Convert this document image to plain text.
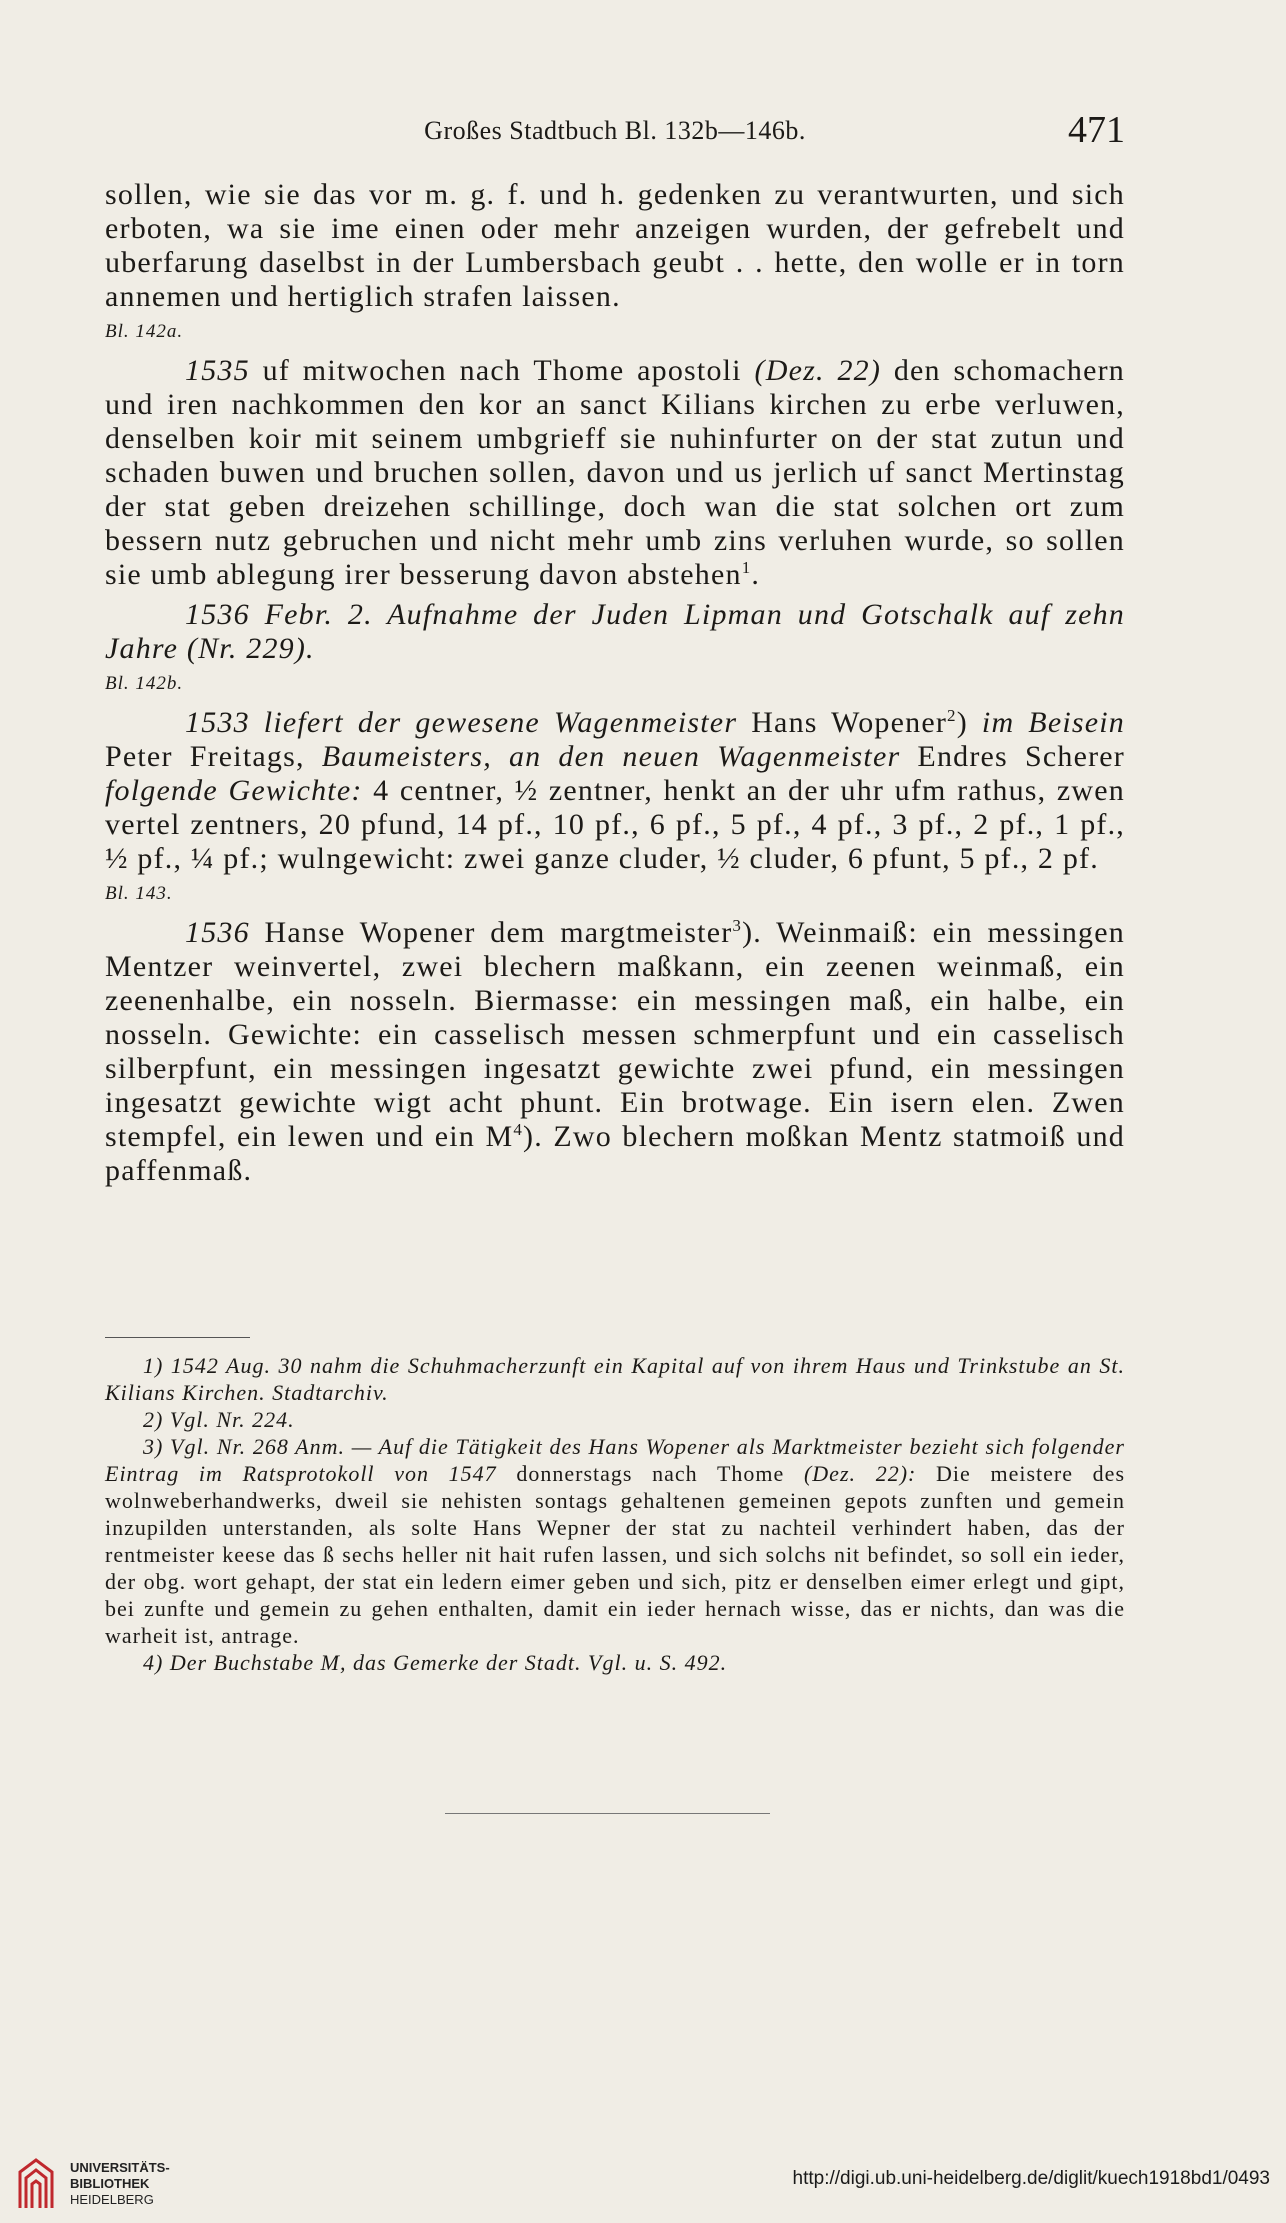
Großes Stadtbuch Bl. 132b—146b.	471

sollen, wie sie das vor m. g. f. und h. gedenken zu verantwurten, und sich erboten, wa sie ime einen oder mehr anzeigen wurden, der gefrebelt und uberfarung daselbst in der Lumbersbach geubt . . hette, den wolle er in torn annemen und hertiglich strafen laissen.

Bl. 142a.

1535 uf mitwochen nach Thome apostoli (Dez. 22) den schomachern und iren nachkommen den kor an sanct Kilians kirchen zu erbe verluwen, denselben koir mit seinem umbgrieff sie nuhinfurter on der stat zutun und schaden buwen und bruchen sollen, davon und us jerlich uf sanct Mertinstag der stat geben dreizehen schillinge, doch wan die stat solchen ort zum bessern nutz gebruchen und nicht mehr umb zins verluhen wurde, so sollen sie umb ablegung irer besserung davon abstehen$^1$.

1536 Febr. 2. Aufnahme der Juden Lipman und Gotschalk auf zehn Jahre (Nr. 229).

Bl. 142b.

1533 liefert der gewesene Wagenmeister Hans Wopener$^2$) im Beisein Peter Freitags, Baumeisters, an den neuen Wagenmeister Endres Scherer folgende Gewichte: 4 centner, ½ zentner, henkt an der uhr ufm rathus, zwen vertel zentners, 20 pfund, 14 pf., 10 pf., 6 pf., 5 pf., 4 pf., 3 pf., 2 pf., 1 pf., ½ pf., ¼ pf.; wulngewicht: zwei ganze cluder, ½ cluder, 6 pfunt, 5 pf., 2 pf.

Bl. 143.

1536 Hanse Wopener dem margtmeister$^3$). Weinmaiß: ein messingen Mentzer weinvertel, zwei blechern maßkann, ein zeenen weinmaß, ein zeenenhalbe, ein nosseln. Biermasse: ein messingen maß, ein halbe, ein nosseln. Gewichte: ein casselisch messen schmerpfunt und ein casselisch silberpfunt, ein messingen ingesatzt gewichte zwei pfund, ein messingen ingesatzt gewichte wigt acht phunt. Ein brotwage. Ein isern elen. Zwen stempfel, ein lewen und ein $M^4$). Zwo blechern moßkan Mentz statmoiß und paffenmaß.

1) 1542 Aug. 30 nahm die Schuhmacherzunft ein Kapital auf von ihrem Haus und Trinkstube an St. Kilians Kirchen. Stadtarchiv.

2) Vgl. Nr. 224.

3) Vgl. Nr. 268 Anm. — Auf die Tätigkeit des Hans Wopener als Marktmeister bezieht sich folgender Eintrag im Ratsprotokoll von 1547 donnerstags nach Thome (Dez. 22): Die meistere des wolnweberhandwerks, dweil sie nehisten sontags gehaltenen gemeinen gepots zunften und gemein inzupilden unterstanden, als solte Hans Wepner der stat zu nachteil verhindert haben, das der rentmeister keese das ß sechs heller nit hait rufen lassen, und sich solchs nit befindet, so soll ein ieder, der obg. wort gehapt, der stat ein ledern eimer geben und sich, pitz er denselben eimer erlegt und gipt, bei zunfte und gemein zu gehen enthalten, damit ein ieder hernach wisse, das er nichts, dan was die warheit ist, antrage.

4) Der Buchstabe M, das Gemerke der Stadt. Vgl. u. S. 492.

UNIVERSITÄTS-
BIBLIOTHEK
HEIDELBERG
http://digi.ub.uni-heidelberg.de/diglit/kuech1918bd1/0493
